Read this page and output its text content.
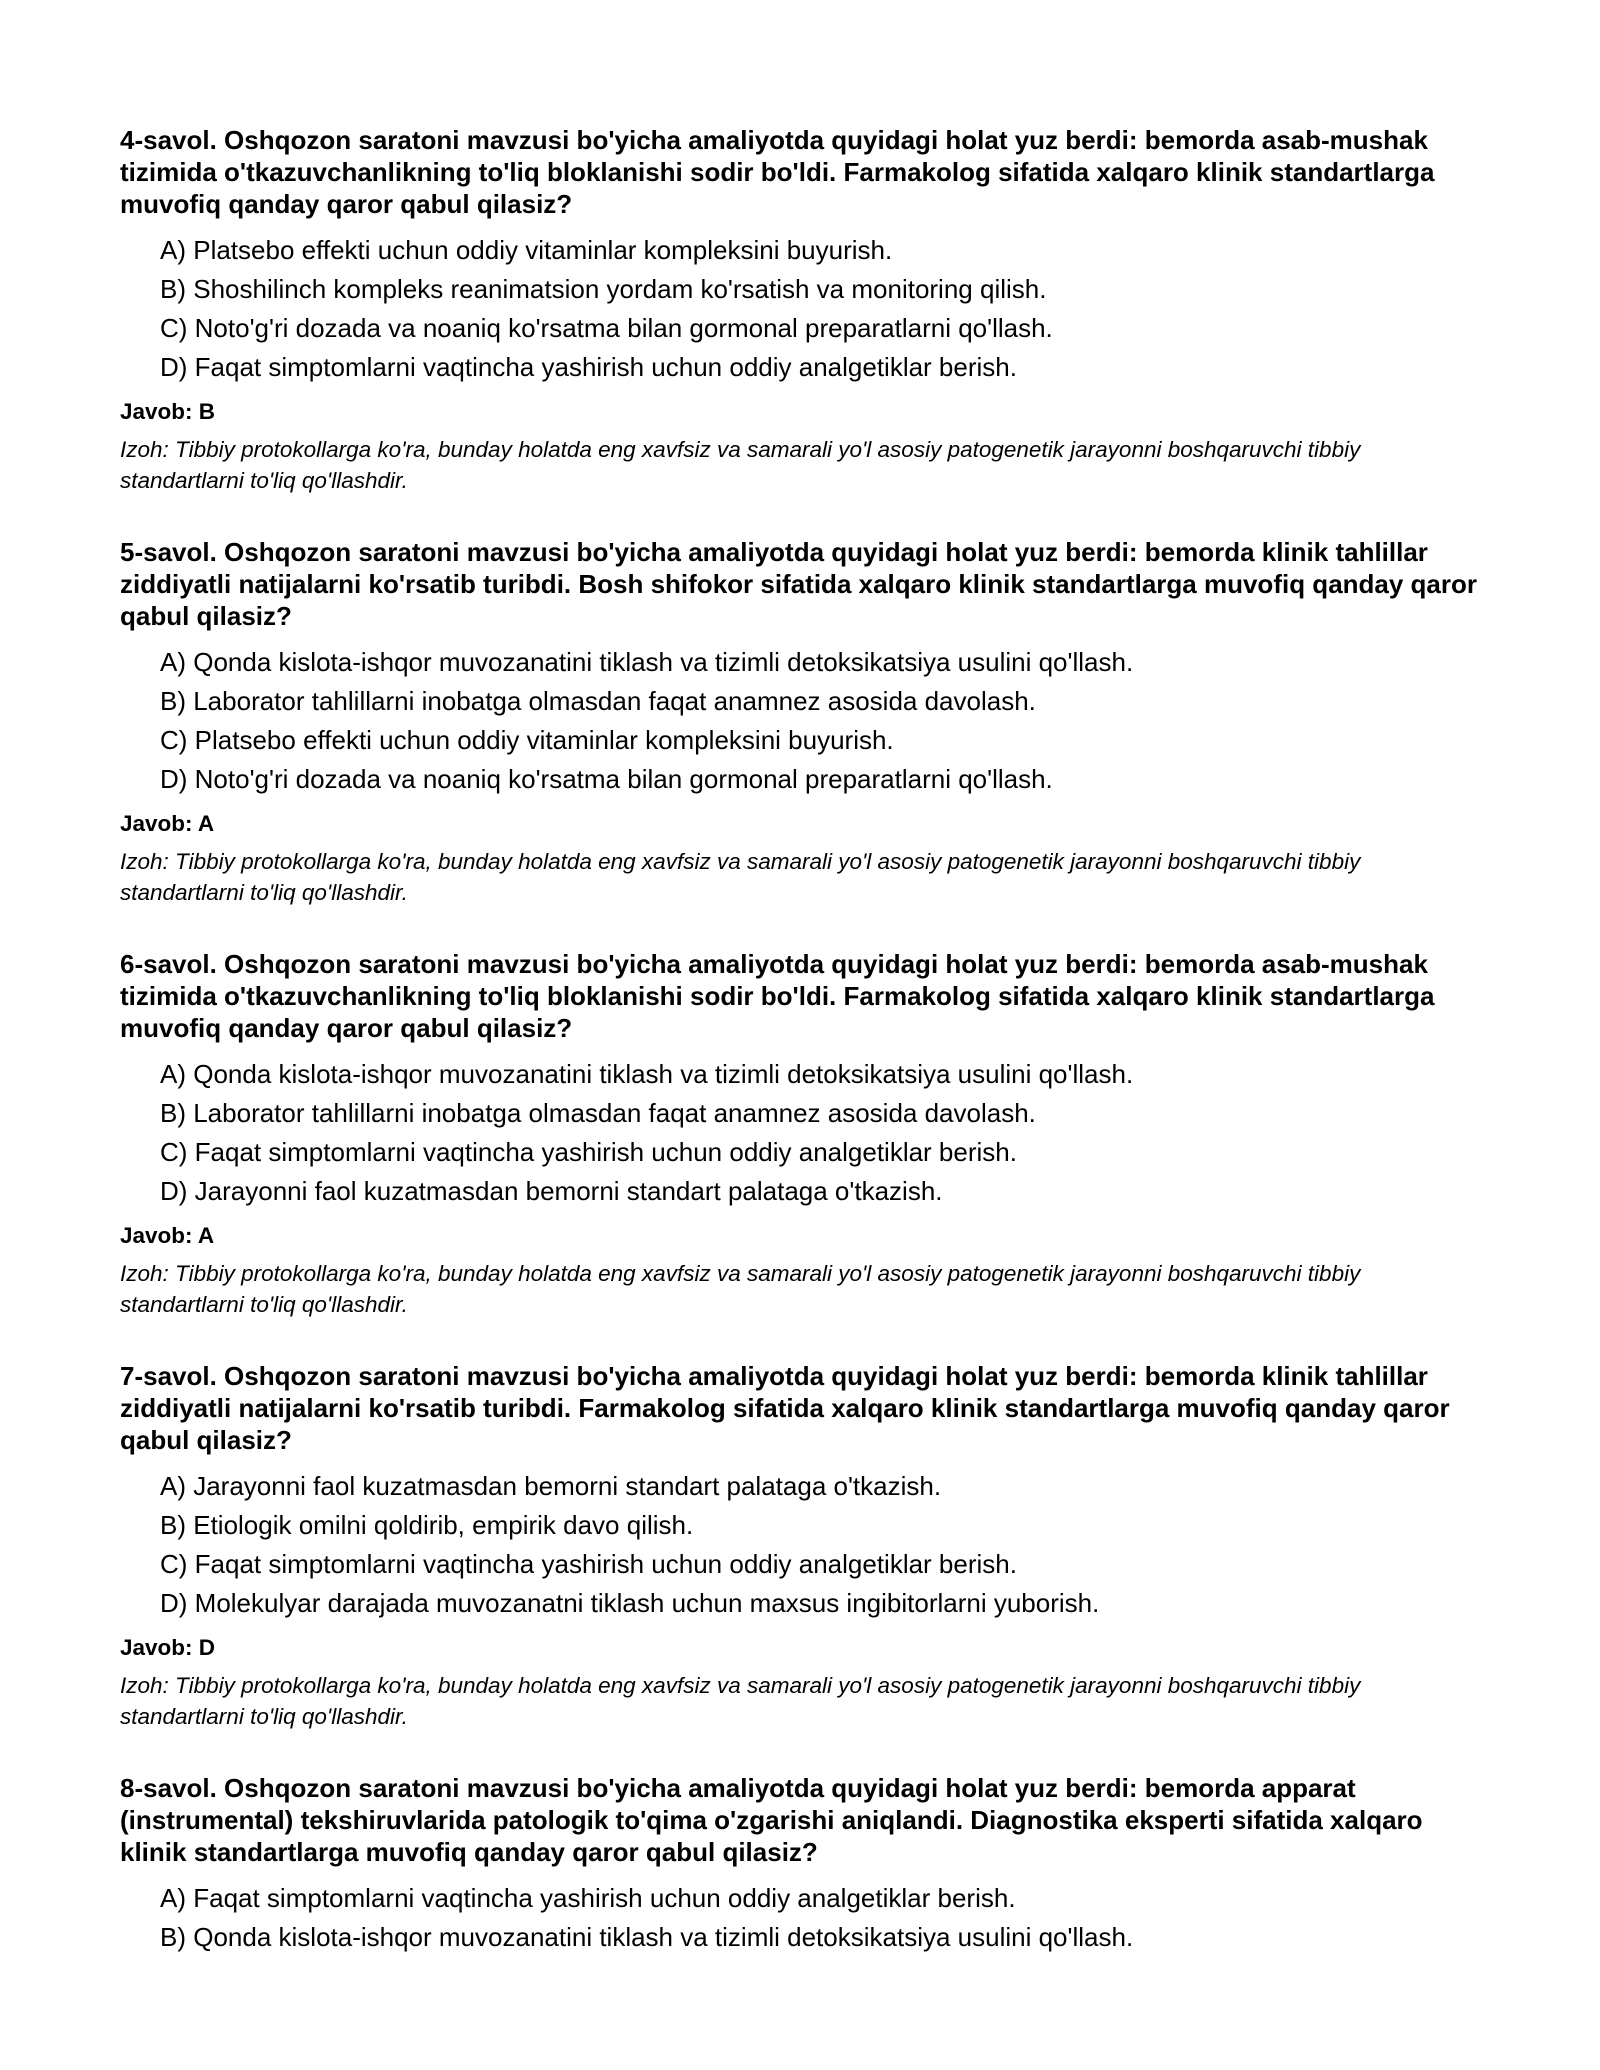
4-savol. Oshqozon saratoni mavzusi bo'yicha amaliyotda quyidagi holat yuz berdi: bemorda asab-mushak tizimida o'tkazuvchanlikning to'liq bloklanishi sodir bo'ldi. Farmakolog sifatida xalqaro klinik standartlarga muvofiq qanday qaror qabul qilasiz?

A) Platsebo effekti uchun oddiy vitaminlar kompleksini buyurish.
B) Shoshilinch kompleks reanimatsion yordam ko'rsatish va monitoring qilish.
C) Noto'g'ri dozada va noaniq ko'rsatma bilan gormonal preparatlarni qo'llash.
D) Faqat simptomlarni vaqtincha yashirish uchun oddiy analgetiklar berish.

Javob: B

Izoh: Tibbiy protokollarga ko'ra, bunday holatda eng xavfsiz va samarali yo'l asosiy patogenetik jarayonni boshqaruvchi tibbiy standartlarni to'liq qo'llashdir.

5-savol. Oshqozon saratoni mavzusi bo'yicha amaliyotda quyidagi holat yuz berdi: bemorda klinik tahlillar ziddiyatli natijalarni ko'rsatib turibdi. Bosh shifokor sifatida xalqaro klinik standartlarga muvofiq qanday qaror qabul qilasiz?

A) Qonda kislota-ishqor muvozanatini tiklash va tizimli detoksikatsiya usulini qo'llash.
B) Laborator tahlillarni inobatga olmasdan faqat anamnez asosida davolash.
C) Platsebo effekti uchun oddiy vitaminlar kompleksini buyurish.
D) Noto'g'ri dozada va noaniq ko'rsatma bilan gormonal preparatlarni qo'llash.

Javob: A

Izoh: Tibbiy protokollarga ko'ra, bunday holatda eng xavfsiz va samarali yo'l asosiy patogenetik jarayonni boshqaruvchi tibbiy standartlarni to'liq qo'llashdir.

6-savol. Oshqozon saratoni mavzusi bo'yicha amaliyotda quyidagi holat yuz berdi: bemorda asab-mushak tizimida o'tkazuvchanlikning to'liq bloklanishi sodir bo'ldi. Farmakolog sifatida xalqaro klinik standartlarga muvofiq qanday qaror qabul qilasiz?

A) Qonda kislota-ishqor muvozanatini tiklash va tizimli detoksikatsiya usulini qo'llash.
B) Laborator tahlillarni inobatga olmasdan faqat anamnez asosida davolash.
C) Faqat simptomlarni vaqtincha yashirish uchun oddiy analgetiklar berish.
D) Jarayonni faol kuzatmasdan bemorni standart palataga o'tkazish.

Javob: A

Izoh: Tibbiy protokollarga ko'ra, bunday holatda eng xavfsiz va samarali yo'l asosiy patogenetik jarayonni boshqaruvchi tibbiy standartlarni to'liq qo'llashdir.

7-savol. Oshqozon saratoni mavzusi bo'yicha amaliyotda quyidagi holat yuz berdi: bemorda klinik tahlillar ziddiyatli natijalarni ko'rsatib turibdi. Farmakolog sifatida xalqaro klinik standartlarga muvofiq qanday qaror qabul qilasiz?

A) Jarayonni faol kuzatmasdan bemorni standart palataga o'tkazish.
B) Etiologik omilni qoldirib, empirik davo qilish.
C) Faqat simptomlarni vaqtincha yashirish uchun oddiy analgetiklar berish.
D) Molekulyar darajada muvozanatni tiklash uchun maxsus ingibitorlarni yuborish.

Javob: D

Izoh: Tibbiy protokollarga ko'ra, bunday holatda eng xavfsiz va samarali yo'l asosiy patogenetik jarayonni boshqaruvchi tibbiy standartlarni to'liq qo'llashdir.

8-savol. Oshqozon saratoni mavzusi bo'yicha amaliyotda quyidagi holat yuz berdi: bemorda apparat (instrumental) tekshiruvlarida patologik to'qima o'zgarishi aniqlandi. Diagnostika eksperti sifatida xalqaro klinik standartlarga muvofiq qanday qaror qabul qilasiz?

A) Faqat simptomlarni vaqtincha yashirish uchun oddiy analgetiklar berish.
B) Qonda kislota-ishqor muvozanatini tiklash va tizimli detoksikatsiya usulini qo'llash.
